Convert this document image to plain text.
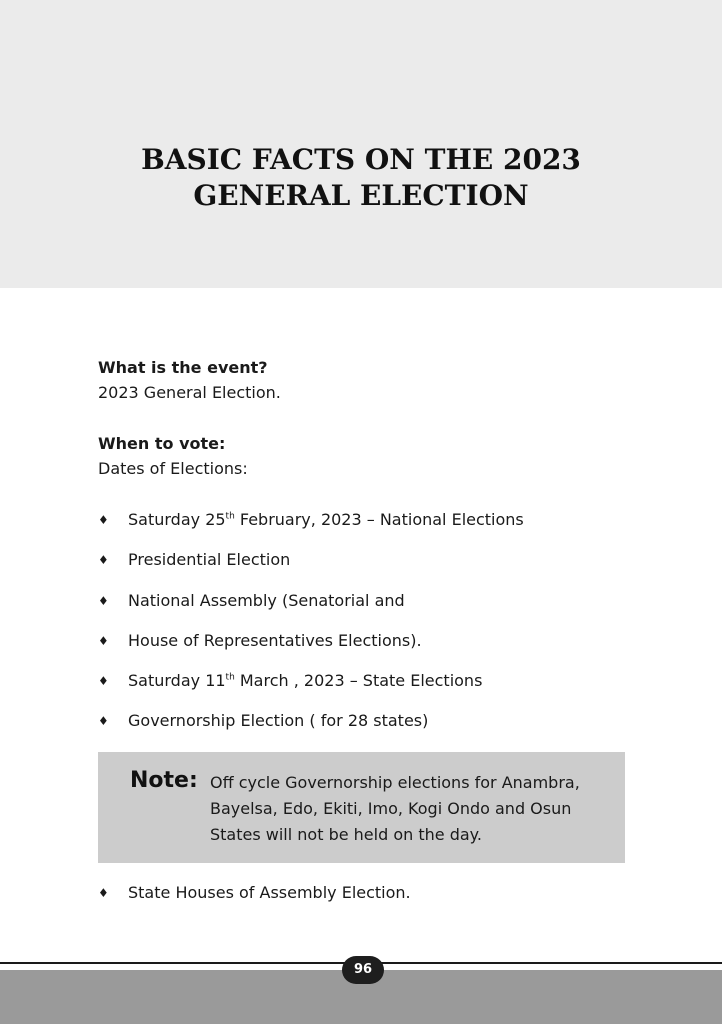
BASIC FACTS ON THE 2023
GENERAL ELECTION
What is the event?
2023 General Election.
When to vote:
Dates of Elections:
♦ Saturday 25th February, 2023 – National Elections
♦ Presidential Election
♦ National Assembly (Senatorial and
♦ House of Representatives Elections).
♦ Saturday 11th March , 2023 – State Elections
♦ Governorship Election ( for 28 states)
Note: Off cycle Governorship elections for Anambra,
Bayelsa, Edo, Ekiti, Imo, Kogi Ondo and Osun
States will not be held on the day.
♦ State Houses of Assembly Election.
96
